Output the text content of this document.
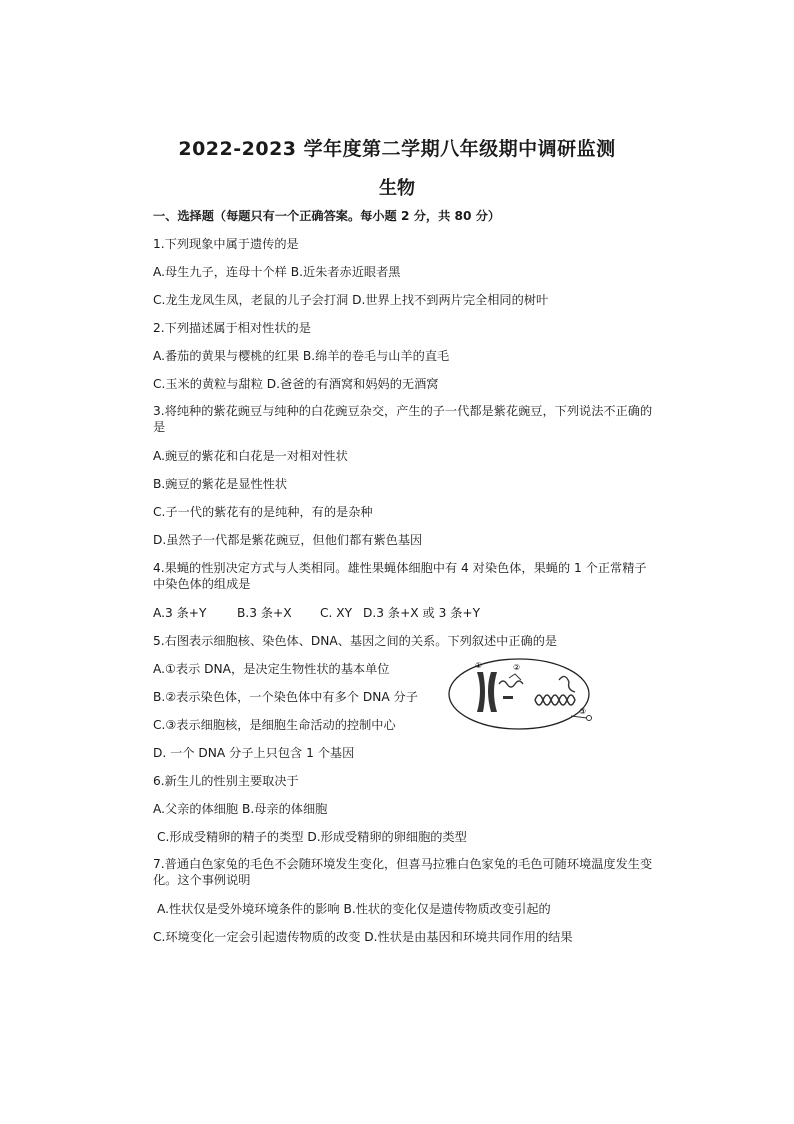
2022-2023 学年度第二学期八年级期中调研监测
生物
一、选择题（每题只有一个正确答案。每小题 2 分，共 80 分）
1.下列现象中属于遗传的是
A.母生九子，连母十个样 B.近朱者赤近眼者黑
C.龙生龙凤生凤，老鼠的儿子会打洞 D.世界上找不到两片完全相同的树叶
2.下列描述属于相对性状的是
A.番茄的黄果与樱桃的红果 B.绵羊的卷毛与山羊的直毛
C.玉米的黄粒与甜粒 D.爸爸的有酒窝和妈妈的无酒窝
3.将纯种的紫花豌豆与纯种的白花豌豆杂交，产生的子一代都是紫花豌豆，下列说法不正确的是
A.豌豆的紫花和白花是一对相对性状
B.豌豆的紫花是显性性状
C.子一代的紫花有的是纯种，有的是杂种
D.虽然子一代都是紫花豌豆，但他们都有紫色基因
4.果蝇的性别决定方式与人类相同。雄性果蝇体细胞中有 4 对染色体，果蝇的 1 个正常精子中染色体的组成是
A.3 条+Y	B.3 条+X C. XY D.3 条+X 或 3 条+Y
5.右图表示细胞核、染色体、DNA、基因之间的关系。下列叙述中正确的是
A.①表示 DNA，是决定生物性状的基本单位
B.②表示染色体，一个染色体中有多个 DNA 分子
C.③表示细胞核，是细胞生命活动的控制中心
D. 一个 DNA 分子上只包含 1 个基因
①	②
③
6.新生儿的性别主要取决于
A.父亲的体细胞 B.母亲的体细胞
C.形成受精卵的精子的类型 D.形成受精卵的卵细胞的类型
7.普通白色家兔的毛色不会随环境发生变化，但喜马拉雅白色家兔的毛色可随环境温度发生变化。这个事例说明
A.性状仅是受外境环境条件的影响 B.性状的变化仅是遗传物质改变引起的
C.环境变化一定会引起遗传物质的改变 D.性状是由基因和环境共同作用的结果
